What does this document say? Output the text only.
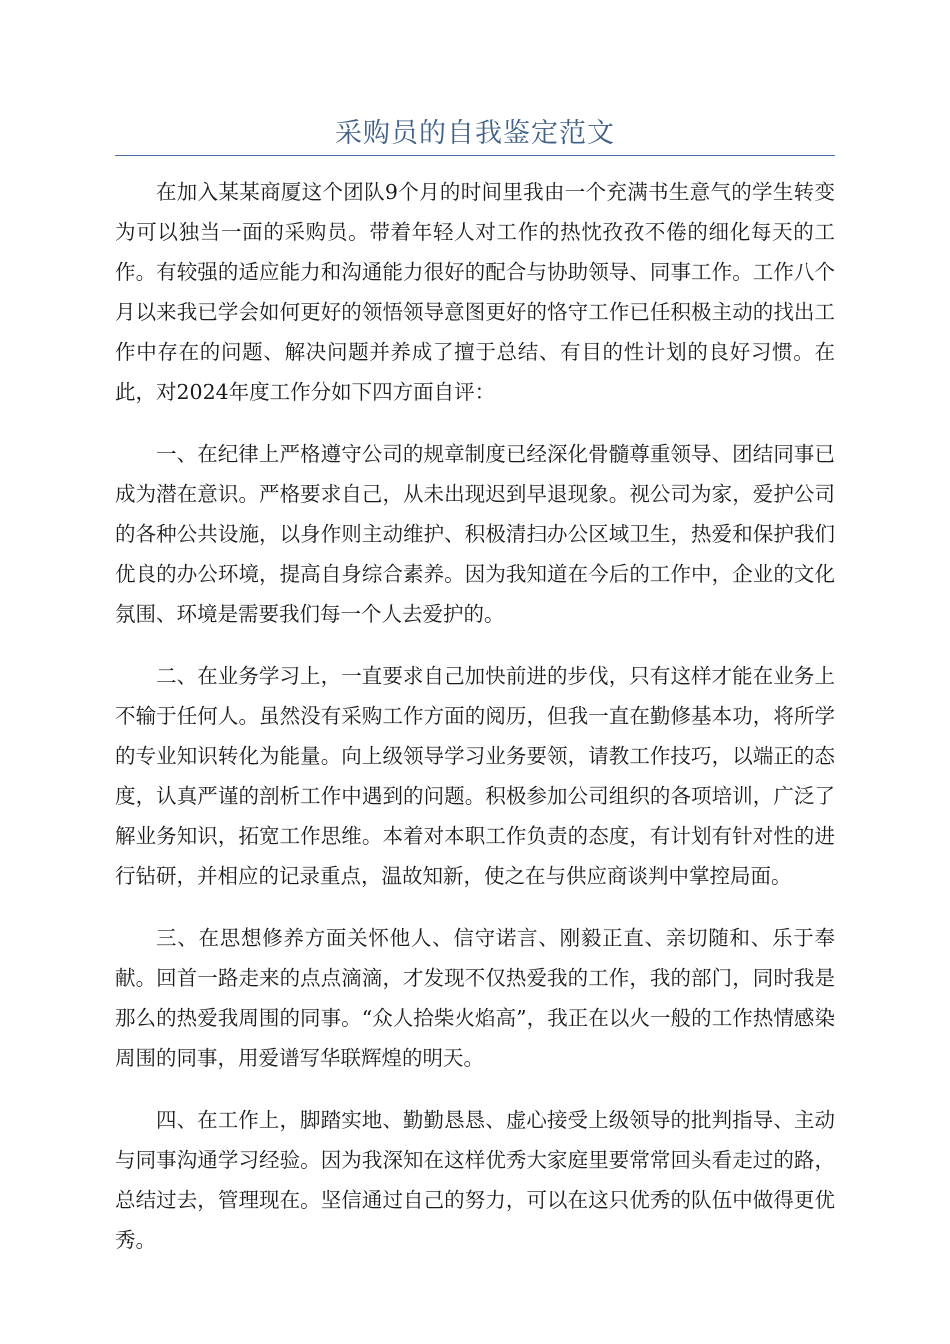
采购员的自我鉴定范文

在加入某某商厦这个团队9个月的时间里我由一个充满书生意气的学生转变为可以独当一面的采购员。带着年轻人对工作的热忱孜孜不倦的细化每天的工作。有较强的适应能力和沟通能力很好的配合与协助领导、同事工作。工作八个月以来我已学会如何更好的领悟领导意图更好的恪守工作已任积极主动的找出工作中存在的问题、解决问题并养成了擅于总结、有目的性计划的良好习惯。在此，对2024年度工作分如下四方面自评：

一、在纪律上严格遵守公司的规章制度已经深化骨髓尊重领导、团结同事已成为潜在意识。严格要求自己，从未出现迟到早退现象。视公司为家，爱护公司的各种公共设施，以身作则主动维护、积极清扫办公区域卫生，热爱和保护我们优良的办公环境，提高自身综合素养。因为我知道在今后的工作中，企业的文化氛围、环境是需要我们每一个人去爱护的。

二、在业务学习上，一直要求自己加快前进的步伐，只有这样才能在业务上不输于任何人。虽然没有采购工作方面的阅历，但我一直在勤修基本功，将所学的专业知识转化为能量。向上级领导学习业务要领，请教工作技巧，以端正的态度，认真严谨的剖析工作中遇到的问题。积极参加公司组织的各项培训，广泛了解业务知识，拓宽工作思维。本着对本职工作负责的态度，有计划有针对性的进行钻研，并相应的记录重点，温故知新，使之在与供应商谈判中掌控局面。

三、在思想修养方面关怀他人、信守诺言、刚毅正直、亲切随和、乐于奉献。回首一路走来的点点滴滴，才发现不仅热爱我的工作，我的部门，同时我是那么的热爱我周围的同事。“众人拾柴火焰高”，我正在以火一般的工作热情感染周围的同事，用爱谱写华联辉煌的明天。

四、在工作上，脚踏实地、勤勤恳恳、虚心接受上级领导的批判指导、主动与同事沟通学习经验。因为我深知在这样优秀大家庭里要常常回头看走过的路，总结过去，管理现在。坚信通过自己的努力，可以在这只优秀的队伍中做得更优秀。
